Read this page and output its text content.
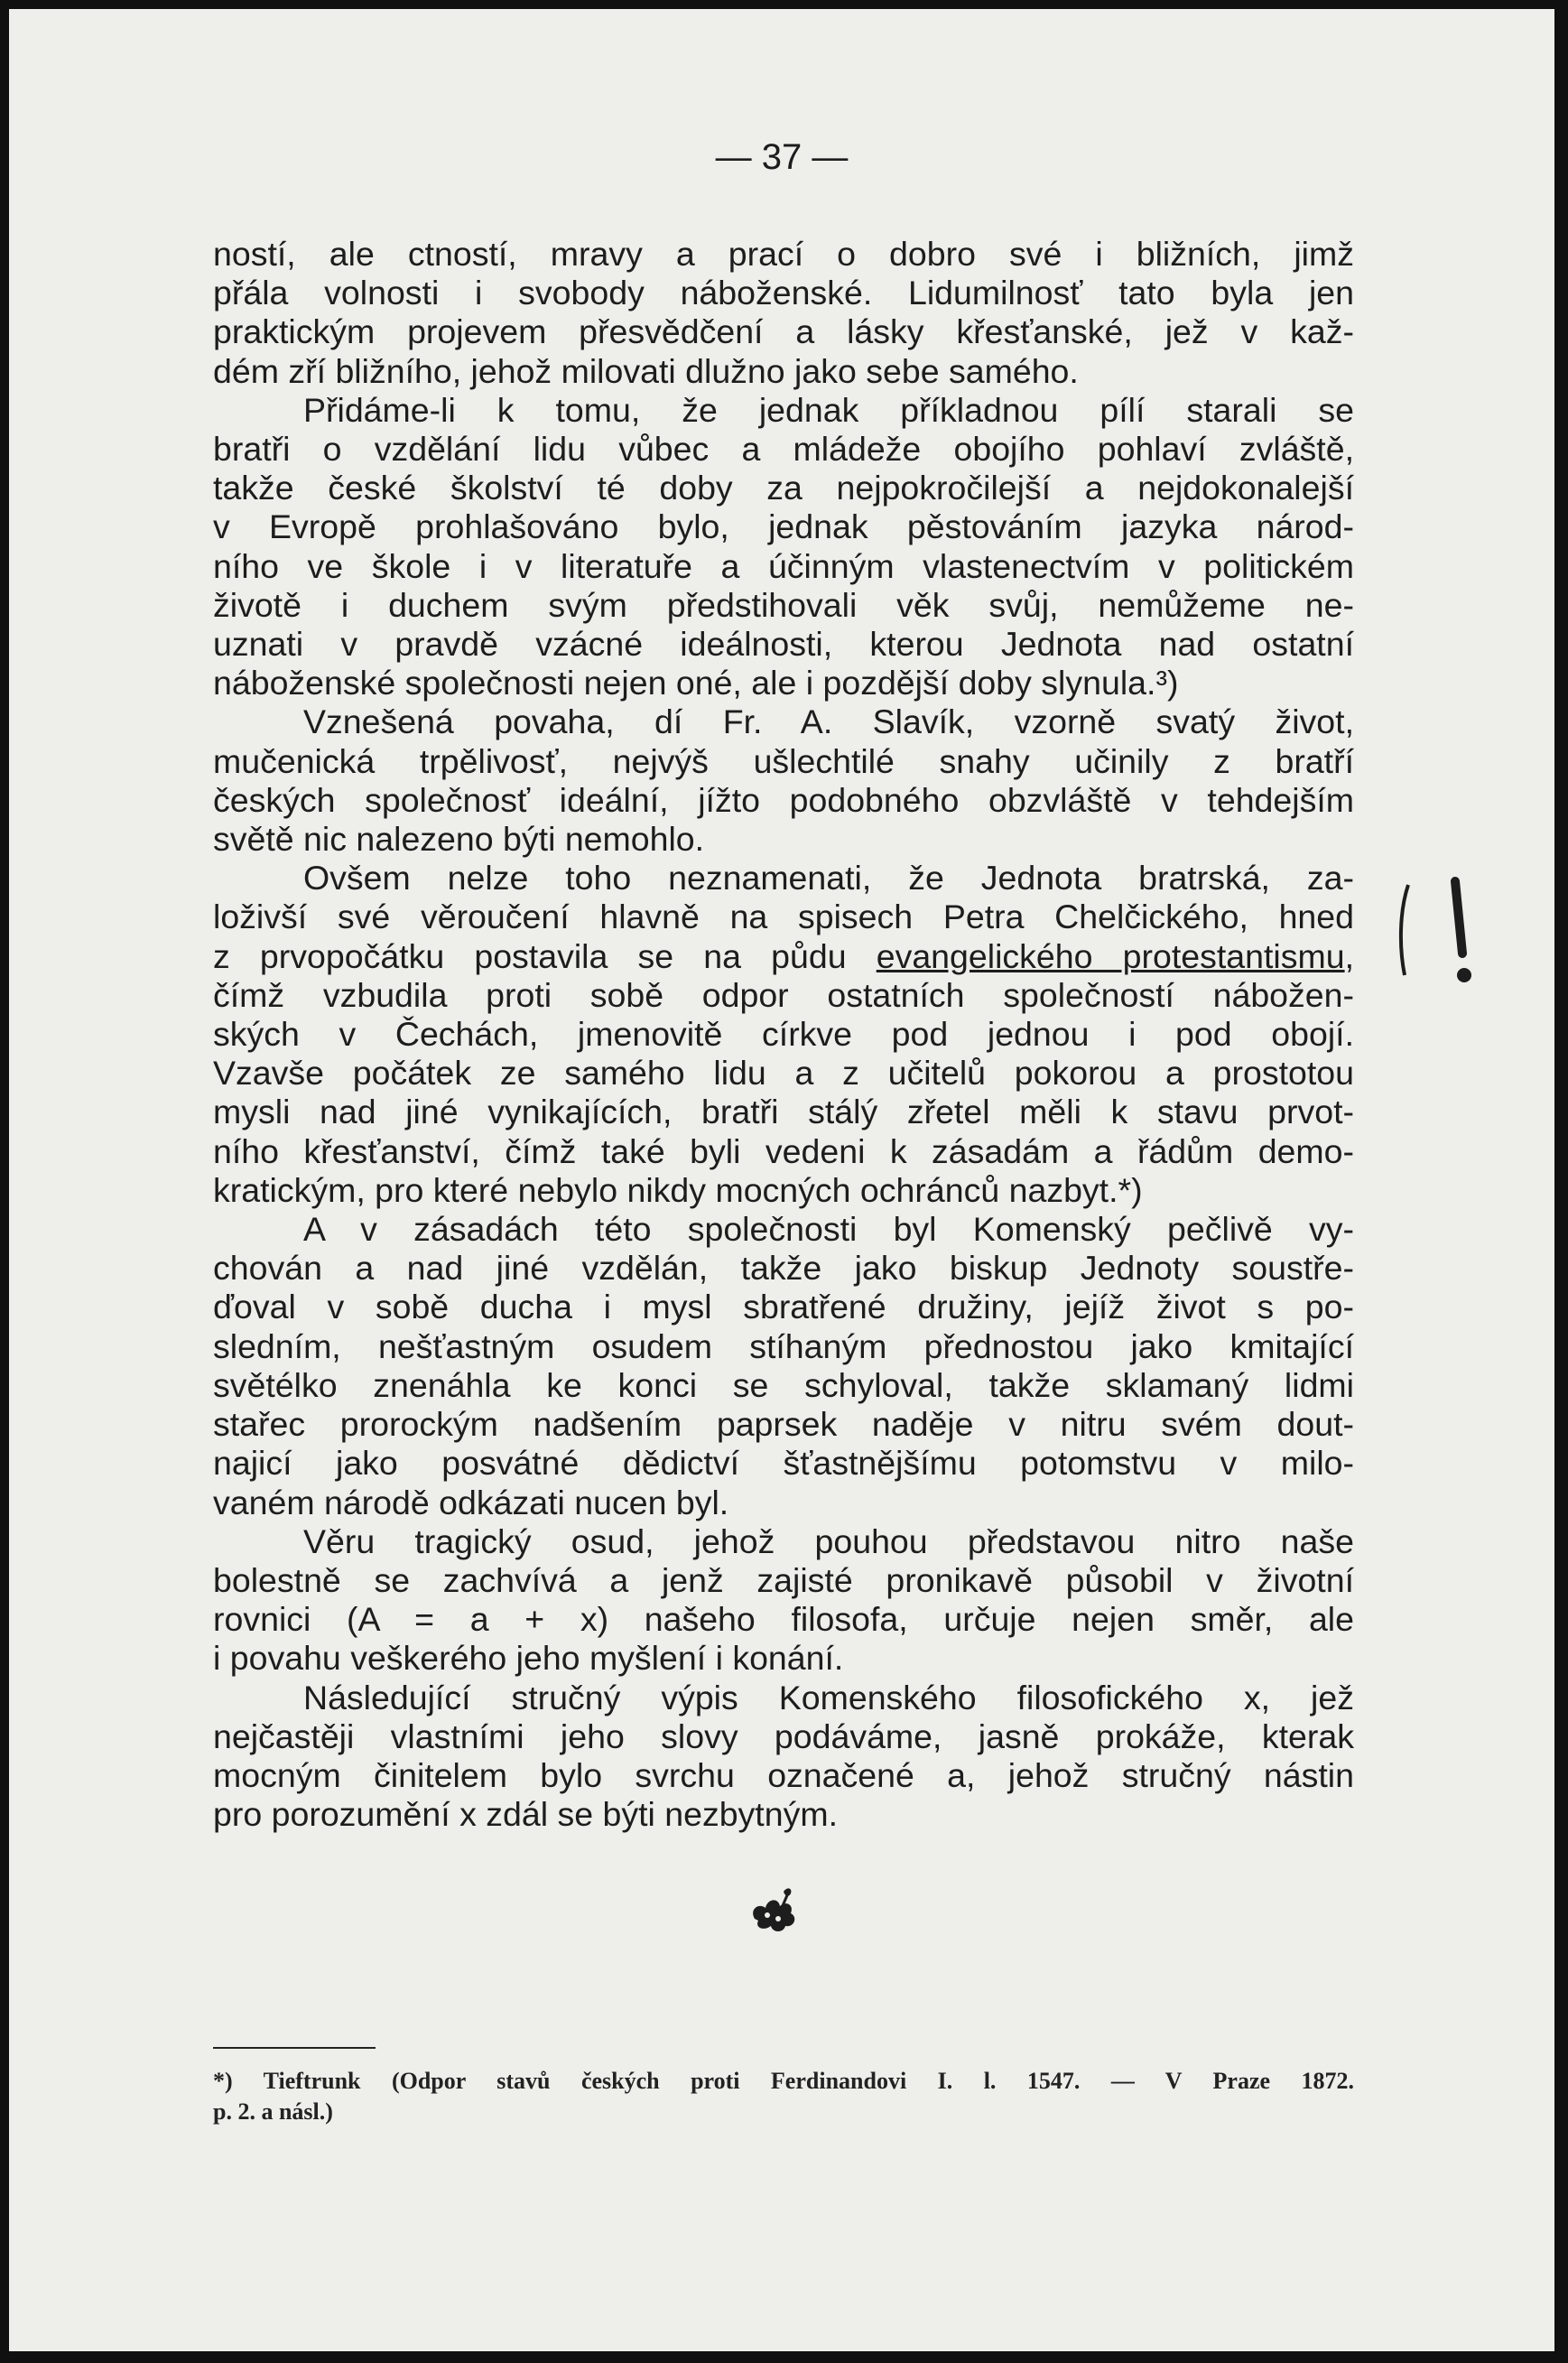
— 37 —

ností, ale ctností, mravy a prací o dobro své i bližních, jimž
přála volnosti i svobody náboženské. Lidumilnosť tato byla jen
praktickým projevem přesvědčení a lásky křesťanské, jež v kaž-
dém zří bližního, jehož milovati dlužno jako sebe samého.

Přidáme-li k tomu, že jednak příkladnou pílí starali se
bratři o vzdělání lidu vůbec a mládeže obojího pohlaví zvláště,
takže české školství té doby za nejpokročilejší a nejdokonalejší
v Evropě prohlašováno bylo, jednak pěstováním jazyka národ-
ního ve škole i v literatuře a účinným vlastenectvím v politickém
životě i duchem svým předstihovali věk svůj, nemůžeme ne-
uznati v pravdě vzácné ideálnosti, kterou Jednota nad ostatní
náboženské společnosti nejen oné, ale i pozdější doby slynula.³)

Vznešená povaha, dí Fr. A. Slavík, vzorně svatý život,
mučenická trpělivosť, nejvýš ušlechtilé snahy učinily z bratří
českých společnosť ideální, jížto podobného obzvláště v tehdejším
světě nic nalezeno býti nemohlo.

Ovšem nelze toho neznamenati, že Jednota bratrská, za-
loživší své věroučení hlavně na spisech Petra Chelčického, hned
z prvopočátku postavila se na půdu evangelického protestantismu,
čímž vzbudila proti sobě odpor ostatních společností nábožen-
ských v Čechách, jmenovitě církve pod jednou i pod obojí.
Vzavše počátek ze samého lidu a z učitelů pokorou a prostotou
mysli nad jiné vynikajících, bratři stálý zřetel měli k stavu prvot-
ního křesťanství, čímž také byli vedeni k zásadám a řádům demo-
kratickým, pro které nebylo nikdy mocných ochránců nazbyt.*)

A v zásadách této společnosti byl Komenský pečlivě vy-
chován a nad jiné vzdělán, takže jako biskup Jednoty soustře-
ďoval v sobě ducha i mysl sbratřené družiny, jejíž život s po-
sledním, nešťastným osudem stíhaným přednostou jako kmitající
světélko znenáhla ke konci se schyloval, takže sklamaný lidmi
stařec prorockým nadšením paprsek naděje v nitru svém dout-
najicí jako posvátné dědictví šťastnějšímu potomstvu v milo-
vaném národě odkázati nucen byl.

Věru tragický osud, jehož pouhou představou nitro naše
bolestně se zachvívá a jenž zajisté pronikavě působil v životní
rovnici (A = a + x) našeho filosofa, určuje nejen směr, ale
i povahu veškerého jeho myšlení i konání.

Následující stručný výpis Komenského filosofického x, jež
nejčastěji vlastními jeho slovy podáváme, jasně prokáže, kterak
mocným činitelem bylo svrchu označené a, jehož stručný nástin
pro porozumění x zdál se býti nezbytným.

*) Tieftrunk (Odpor stavů českých proti Ferdinandovi I. l. 1547. — V Praze 1872.
p. 2. a násl.)
